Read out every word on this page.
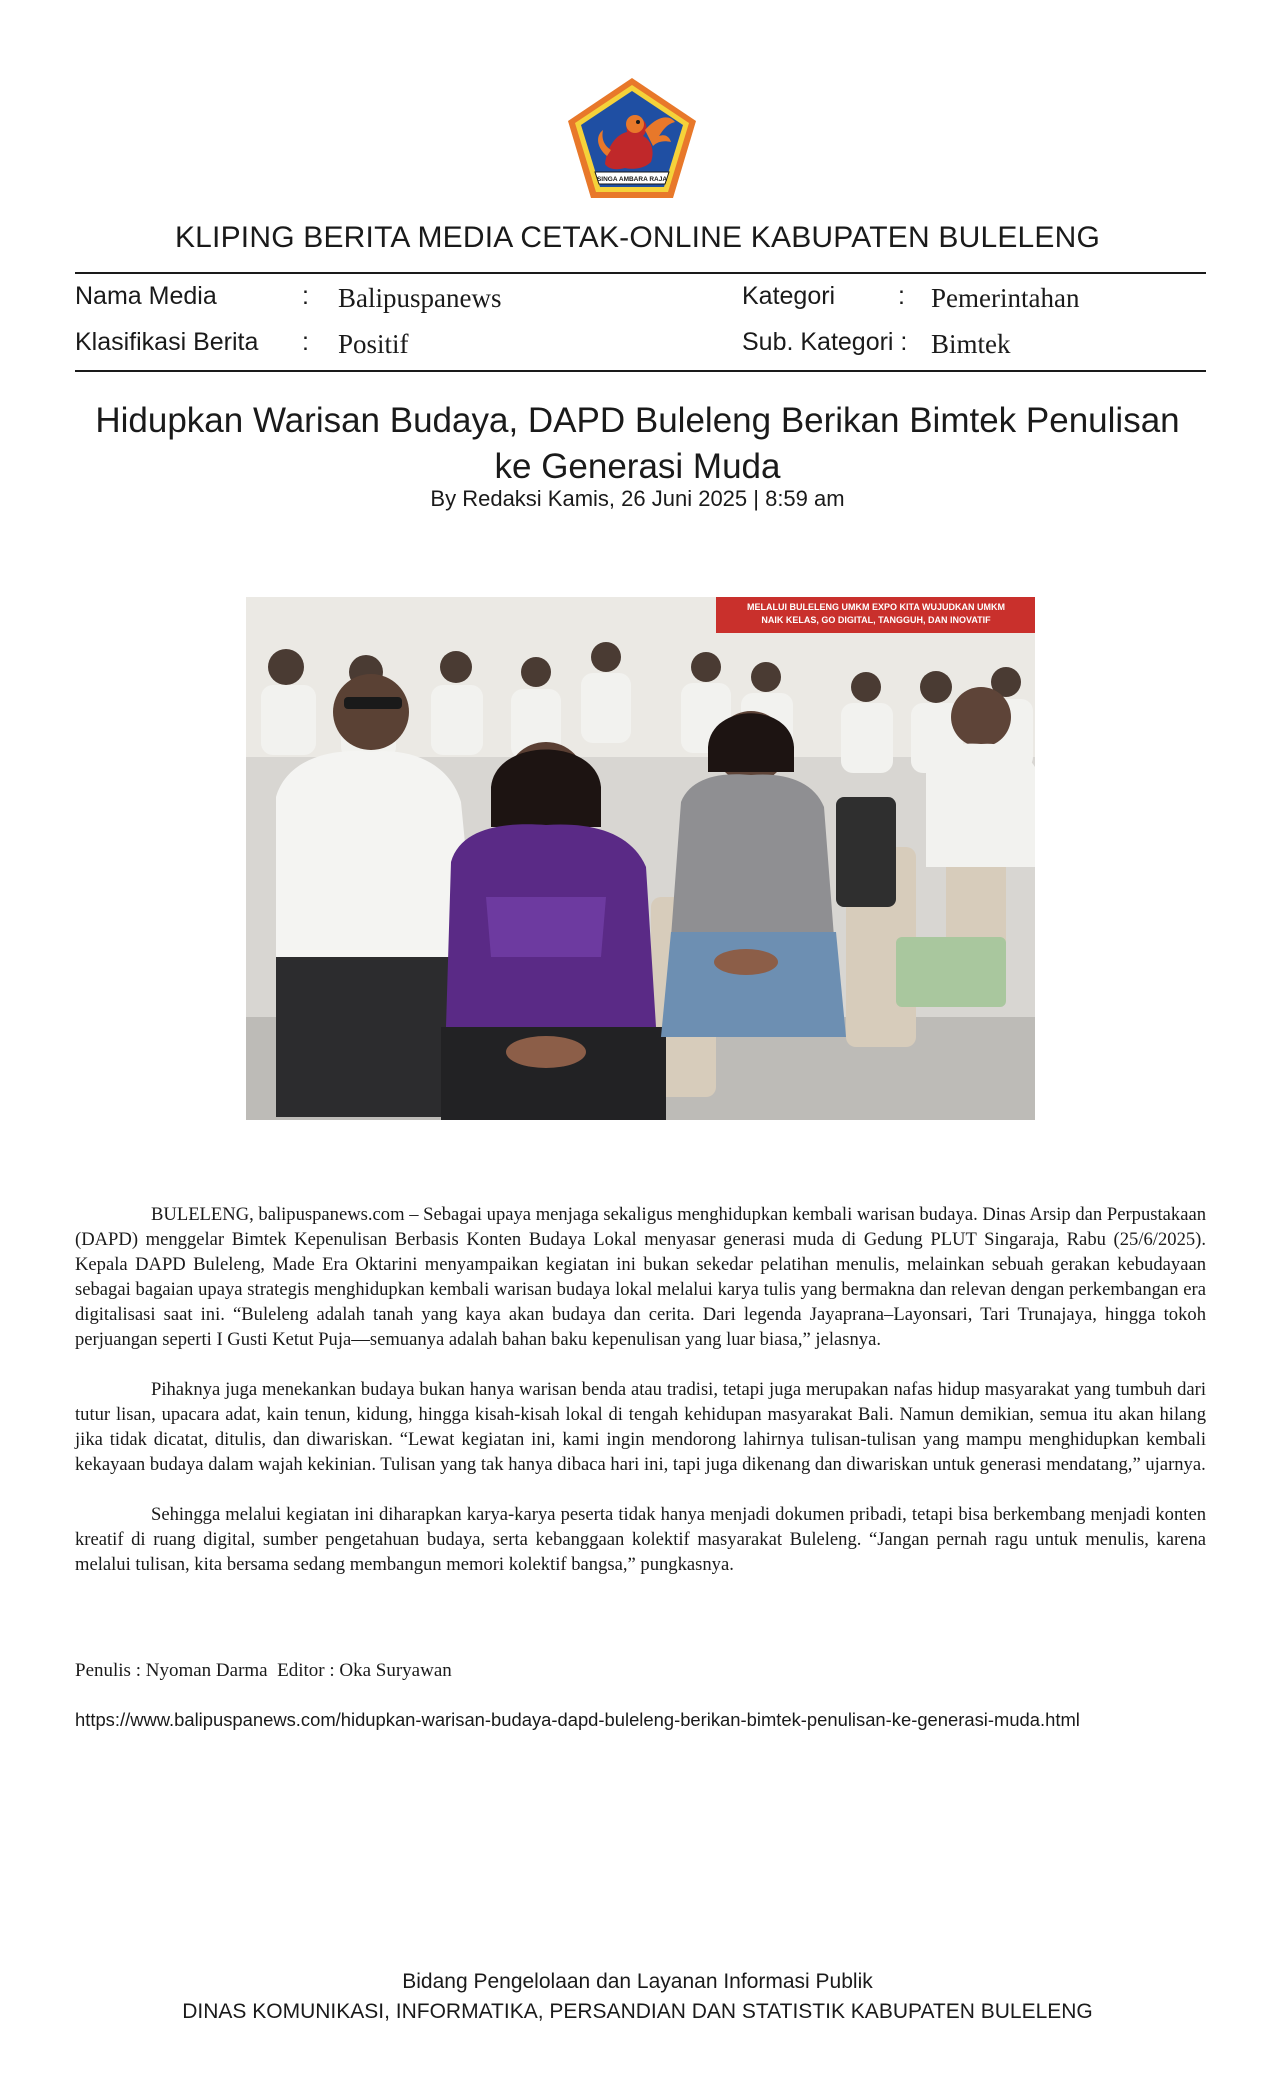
SINGA AMBARA RAJA
KLIPING BERITA MEDIA CETAK-ONLINE KABUPATEN BULELENG
Nama Media	: Balipuspanews
Klasifikasi Berita : Positif
Kategori	: Pemerintahan
Sub. Kategori : Bimtek
Hidupkan Warisan Budaya, DAPD Buleleng Berikan Bimtek Penulisan
ke Generasi Muda
By Redaksi Kamis, 26 Juni 2025 | 8:59 am
MELALUI BULELENG UMKM EXPO KITA WUJUDKAN UMKM
NAIK KELAS, GO DIGITAL, TANGGUH, DAN INOVATIF

BULELENG, balipuspanews.com – Sebagai upaya menjaga sekaligus menghidupkan kembali warisan budaya. Dinas Arsip dan Perpustakaan (DAPD) menggelar Bimtek Kepenulisan Berbasis Konten Budaya Lokal menyasar generasi muda di Gedung PLUT Singaraja, Rabu (25/6/2025). Kepala DAPD Buleleng, Made Era Oktarini menyampaikan kegiatan ini bukan sekedar pelatihan menulis, melainkan sebuah gerakan kebudayaan sebagai bagaian upaya strategis menghidupkan kembali warisan budaya lokal melalui karya tulis yang bermakna dan relevan dengan perkembangan era digitalisasi saat ini. “Buleleng adalah tanah yang kaya akan budaya dan cerita. Dari legenda Jayaprana–Layonsari, Tari Trunajaya, hingga tokoh perjuangan seperti I Gusti Ketut Puja—semuanya adalah bahan baku kepenulisan yang luar biasa,” jelasnya.

Pihaknya juga menekankan budaya bukan hanya warisan benda atau tradisi, tetapi juga merupakan nafas hidup masyarakat yang tumbuh dari tutur lisan, upacara adat, kain tenun, kidung, hingga kisah-kisah lokal di tengah kehidupan masyarakat Bali. Namun demikian, semua itu akan hilang jika tidak dicatat, ditulis, dan diwariskan. “Lewat kegiatan ini, kami ingin mendorong lahirnya tulisan-tulisan yang mampu menghidupkan kembali kekayaan budaya dalam wajah kekinian. Tulisan yang tak hanya dibaca hari ini, tapi juga dikenang dan diwariskan untuk generasi mendatang,” ujarnya.

Sehingga melalui kegiatan ini diharapkan karya-karya peserta tidak hanya menjadi dokumen pribadi, tetapi bisa berkembang menjadi konten kreatif di ruang digital, sumber pengetahuan budaya, serta kebanggaan kolektif masyarakat Buleleng. “Jangan pernah ragu untuk menulis, karena melalui tulisan, kita bersama sedang membangun memori kolektif bangsa,” pungkasnya.

Penulis : Nyoman Darma  Editor : Oka Suryawan
https://www.balipuspanews.com/hidupkan-warisan-budaya-dapd-buleleng-berikan-bimtek-penulisan-ke-generasi-muda.html
Bidang Pengelolaan dan Layanan Informasi Publik
DINAS KOMUNIKASI, INFORMATIKA, PERSANDIAN DAN STATISTIK KABUPATEN BULELENG
